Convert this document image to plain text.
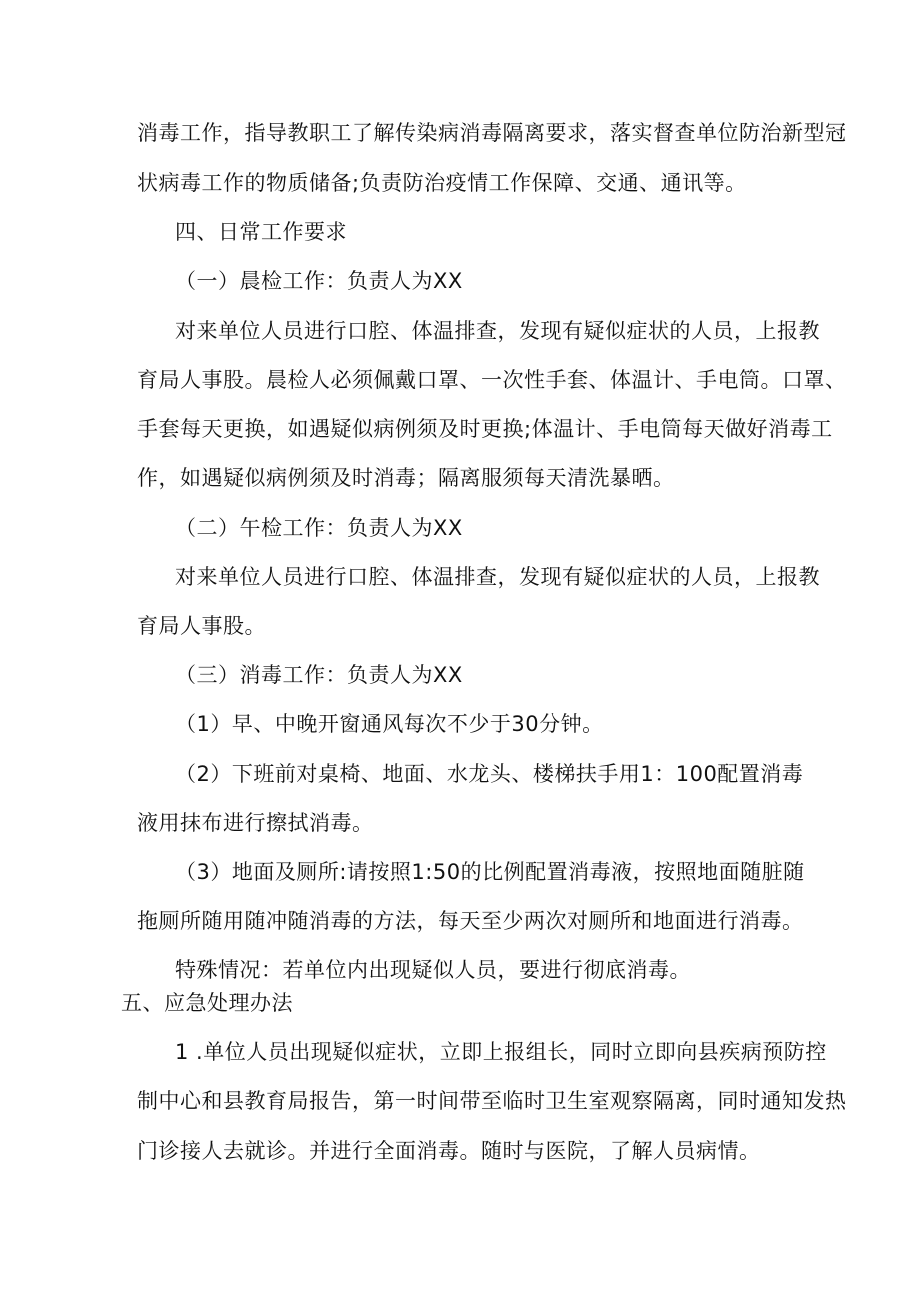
消毒工作，指导教职工了解传染病消毒隔离要求，落实督查单位防治新型冠
状病毒工作的物质储备;负责防治疫情工作保障、交通、通讯等。
四、日常工作要求
（一）晨检工作：负责人为XX
对来单位人员进行口腔、体温排查，发现有疑似症状的人员，上报教
育局人事股。晨检人必须佩戴口罩、一次性手套、体温计、手电筒。口罩、
手套每天更换，如遇疑似病例须及时更换;体温计、手电筒每天做好消毒工
作，如遇疑似病例须及时消毒；隔离服须每天清洗暴晒。
（二）午检工作：负责人为XX
对来单位人员进行口腔、体温排查，发现有疑似症状的人员，上报教
育局人事股。
（三）消毒工作：负责人为XX
（1）早、中晚开窗通风每次不少于30分钟。
（2）下班前对桌椅、地面、水龙头、楼梯扶手用1：100配置消毒
液用抹布进行擦拭消毒。
（3）地面及厕所:请按照1:50的比例配置消毒液，按照地面随脏随
拖厕所随用随冲随消毒的方法，每天至少两次对厕所和地面进行消毒。
特殊情况：若单位内出现疑似人员，要进行彻底消毒。
五、应急处理办法
1 .单位人员出现疑似症状，立即上报组长，同时立即向县疾病预防控
制中心和县教育局报告，第一时间带至临时卫生室观察隔离，同时通知发热
门诊接人去就诊。并进行全面消毒。随时与医院，了解人员病情。
